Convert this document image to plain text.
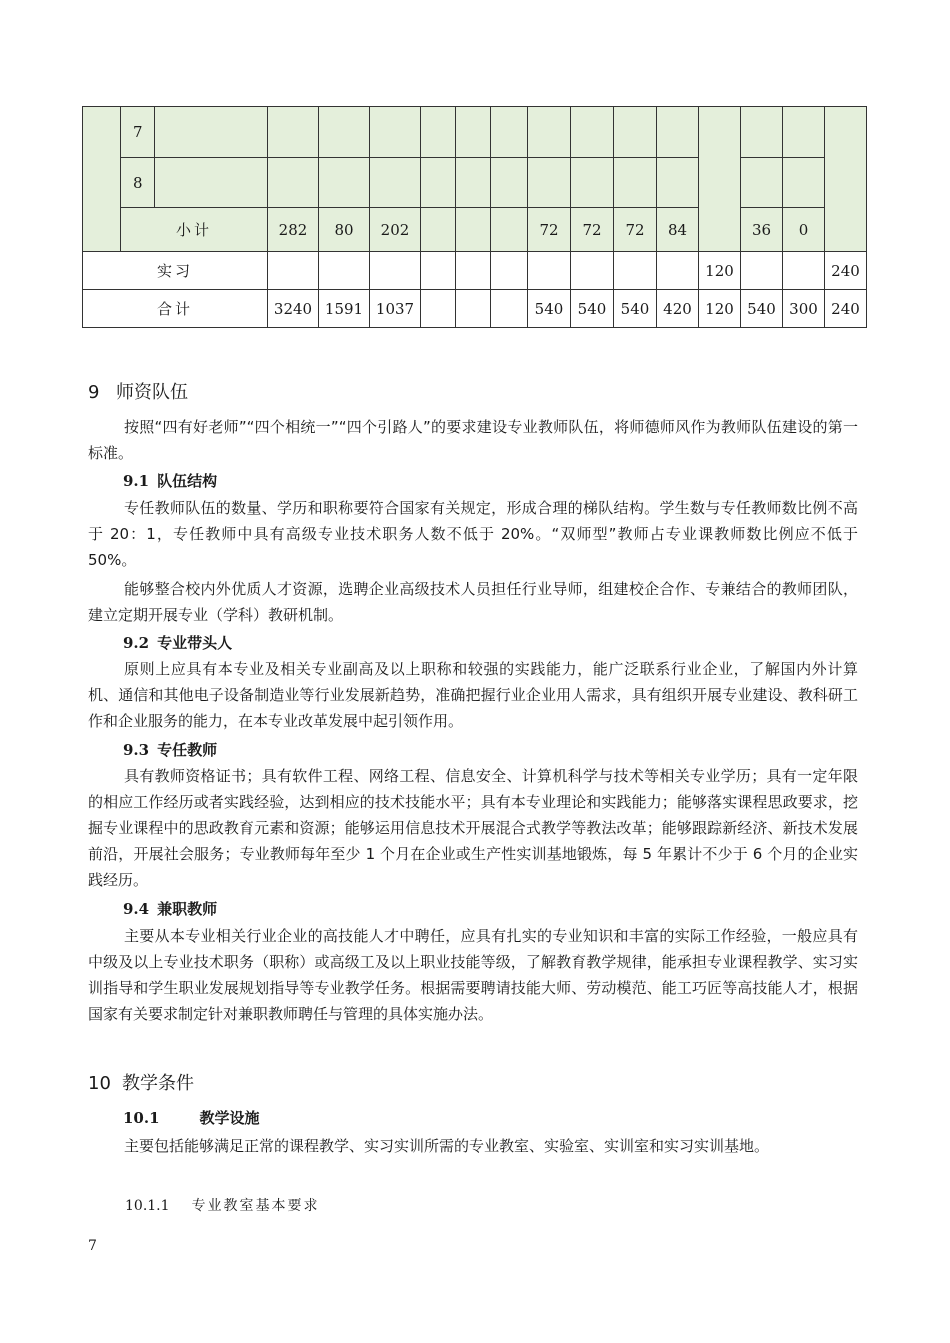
	7															
	8															
	小计		282	80	202				72	72	72	84		36	0	
实习													120			240
合计			3240	1591	1037				540	540	540	420	120	540	300	240
9 师资队伍

按照“四有好老师”“四个相统一”“四个引路人”的要求建设专业教师队伍，将师德师风作为教师队伍建设的第一标准。

9.1 队伍结构

专任教师队伍的数量、学历和职称要符合国家有关规定，形成合理的梯队结构。学生数与专任教师数比例不高于 20：1，专任教师中具有高级专业技术职务人数不低于 20%。“双师型”教师占专业课教师数比例应不低于 50%。

能够整合校内外优质人才资源，选聘企业高级技术人员担任行业导师，组建校企合作、专兼结合的教师团队，建立定期开展专业（学科）教研机制。

9.2 专业带头人

原则上应具有本专业及相关专业副高及以上职称和较强的实践能力，能广泛联系行业企业，了解国内外计算机、通信和其他电子设备制造业等行业发展新趋势，准确把握行业企业用人需求，具有组织开展专业建设、教科研工作和企业服务的能力，在本专业改革发展中起引领作用。

9.3 专任教师

具有教师资格证书；具有软件工程、网络工程、信息安全、计算机科学与技术等相关专业学历；具有一定年限的相应工作经历或者实践经验，达到相应的技术技能水平；具有本专业理论和实践能力；能够落实课程思政要求，挖掘专业课程中的思政教育元素和资源；能够运用信息技术开展混合式教学等教法改革；能够跟踪新经济、新技术发展前沿，开展社会服务；专业教师每年至少 1 个月在企业或生产性实训基地锻炼，每 5 年累计不少于 6 个月的企业实践经历。

9.4 兼职教师

主要从本专业相关行业企业的高技能人才中聘任，应具有扎实的专业知识和丰富的实际工作经验，一般应具有中级及以上专业技术职务（职称）或高级工及以上职业技能等级，了解教育教学规律，能承担专业课程教学、实习实训指导和学生职业发展规划指导等专业教学任务。根据需要聘请技能大师、劳动模范、能工巧匠等高技能人才，根据国家有关要求制定针对兼职教师聘任与管理的具体实施办法。

10 教学条件
10.1	教学设施

主要包括能够满足正常的课程教学、实习实训所需的专业教室、实验室、实训室和实习实训基地。

10.1.1 专业教室基本要求
7
